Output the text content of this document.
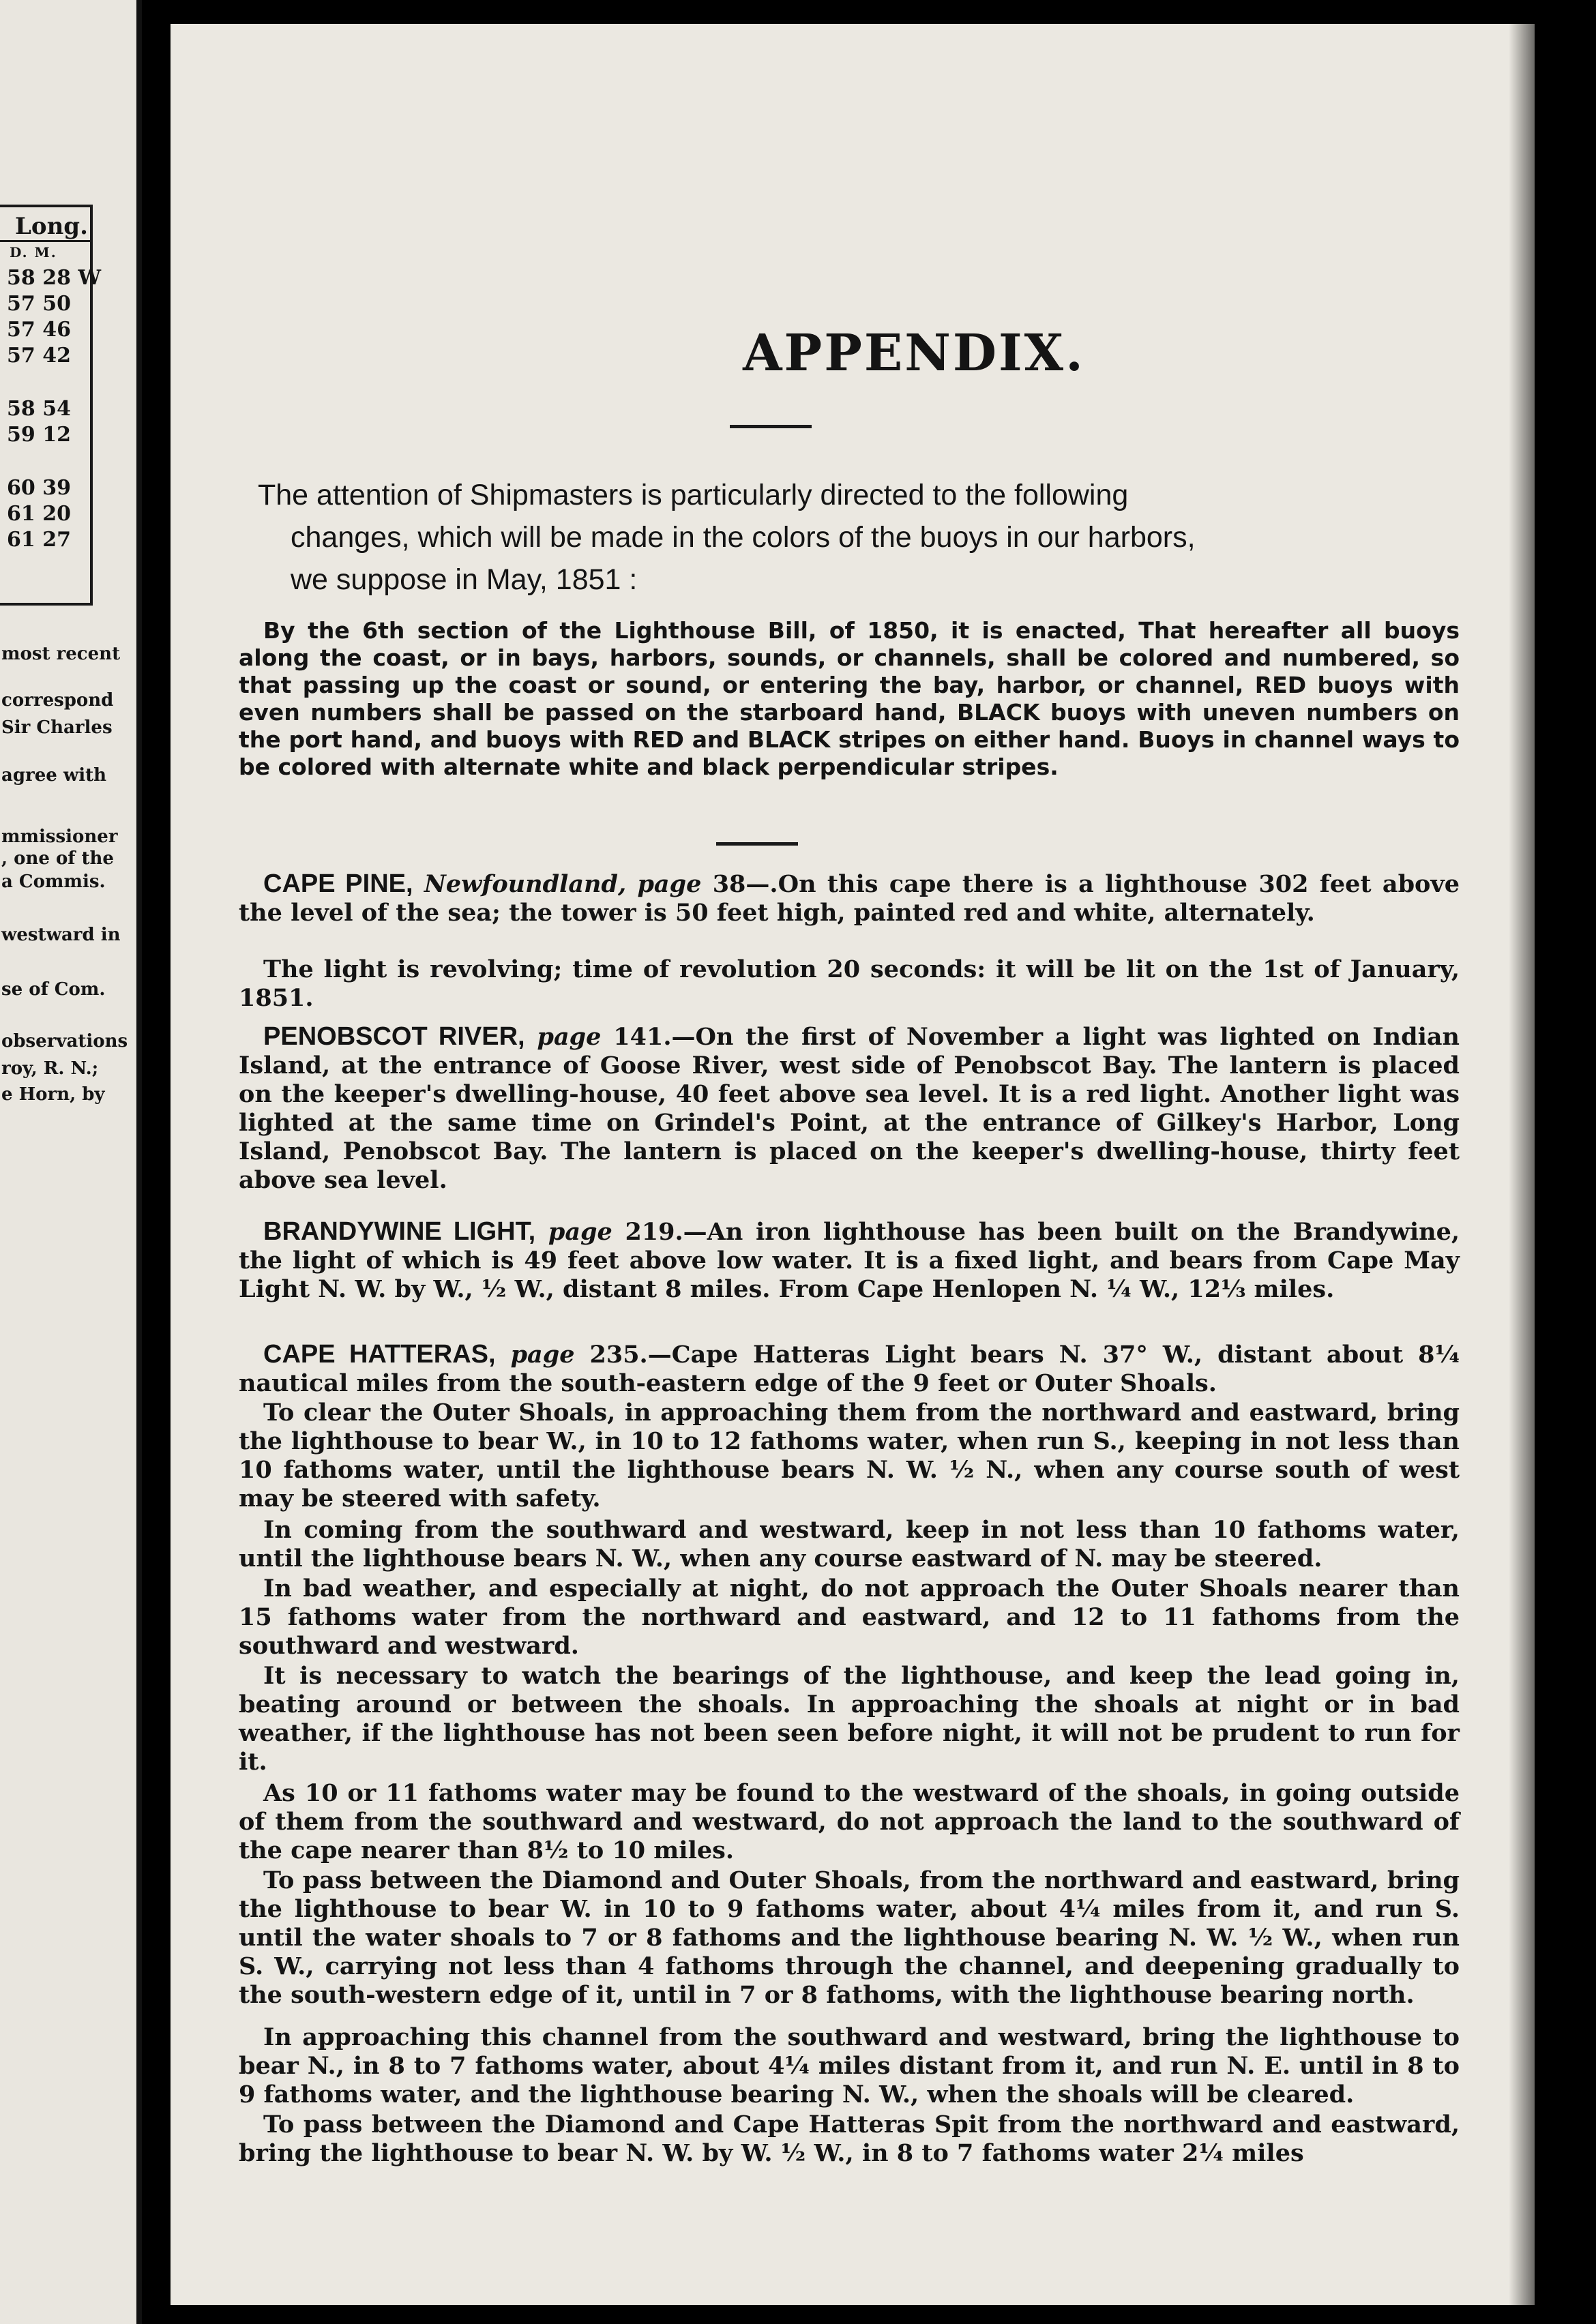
Long.
D. M.
58 28 W
57 50
57 46
57 42
58 54
59 12
60 39
61 20
61 27
most recent
correspond
Sir Charles
agree with
mmissioner
, one of the
a Commis.
westward in
se of Com.
observations
roy, R. N.;
e Horn, by
APPENDIX.
The attention of Shipmasters is particularly directed to the following
changes, which will be made in the colors of the buoys in our harbors,
we suppose in May, 1851 :

By the 6th section of the Lighthouse Bill, of 1850, it is enacted, That hereafter all buoys along the coast, or in bays, harbors, sounds, or channels, shall be colored and numbered, so that passing up the coast or sound, or entering the bay, harbor, or channel, RED buoys with even numbers shall be passed on the starboard hand, BLACK buoys with uneven numbers on the port hand, and buoys with RED and BLACK stripes on either hand. Buoys in channel ways to be colored with alternate white and black perpendicular stripes.

CAPE PINE, Newfoundland, page 38—.On this cape there is a lighthouse 302 feet above the level of the sea; the tower is 50 feet high, painted red and white, alternately.

The light is revolving; time of revolution 20 seconds: it will be lit on the 1st of January, 1851.

PENOBSCOT RIVER, page 141.—On the first of November a light was lighted on Indian Island, at the entrance of Goose River, west side of Penobscot Bay. The lantern is placed on the keeper's dwelling-house, 40 feet above sea level. It is a red light. Another light was lighted at the same time on Grindel's Point, at the entrance of Gilkey's Harbor, Long Island, Penobscot Bay. The lantern is placed on the keeper's dwelling-house, thirty feet above sea level.

BRANDYWINE LIGHT, page 219.—An iron lighthouse has been built on the Brandywine, the light of which is 49 feet above low water. It is a fixed light, and bears from Cape May Light N. W. by W., ½ W., distant 8 miles. From Cape Henlopen N. ¼ W., 12⅓ miles.

CAPE HATTERAS, page 235.—Cape Hatteras Light bears N. 37° W., distant about 8¼ nautical miles from the south-eastern edge of the 9 feet or Outer Shoals.

To clear the Outer Shoals, in approaching them from the northward and eastward, bring the lighthouse to bear W., in 10 to 12 fathoms water, when run S., keeping in not less than 10 fathoms water, until the lighthouse bears N. W. ½ N., when any course south of west may be steered with safety.

In coming from the southward and westward, keep in not less than 10 fathoms water, until the lighthouse bears N. W., when any course eastward of N. may be steered.

In bad weather, and especially at night, do not approach the Outer Shoals nearer than 15 fathoms water from the northward and eastward, and 12 to 11 fathoms from the southward and westward.

It is necessary to watch the bearings of the lighthouse, and keep the lead going in, beating around or between the shoals. In approaching the shoals at night or in bad weather, if the lighthouse has not been seen before night, it will not be prudent to run for it.

As 10 or 11 fathoms water may be found to the westward of the shoals, in going outside of them from the southward and westward, do not approach the land to the southward of the cape nearer than 8½ to 10 miles.

To pass between the Diamond and Outer Shoals, from the northward and eastward, bring the lighthouse to bear W. in 10 to 9 fathoms water, about 4¼ miles from it, and run S. until the water shoals to 7 or 8 fathoms and the lighthouse bearing N. W. ½ W., when run S. W., carrying not less than 4 fathoms through the channel, and deepening gradually to the south-western edge of it, until in 7 or 8 fathoms, with the lighthouse bearing north.

In approaching this channel from the southward and westward, bring the lighthouse to bear N., in 8 to 7 fathoms water, about 4¼ miles distant from it, and run N. E. until in 8 to 9 fathoms water, and the lighthouse bearing N. W., when the shoals will be cleared.

To pass between the Diamond and Cape Hatteras Spit from the northward and eastward, bring the lighthouse to bear N. W. by W. ½ W., in 8 to 7 fathoms water 2¼ miles
